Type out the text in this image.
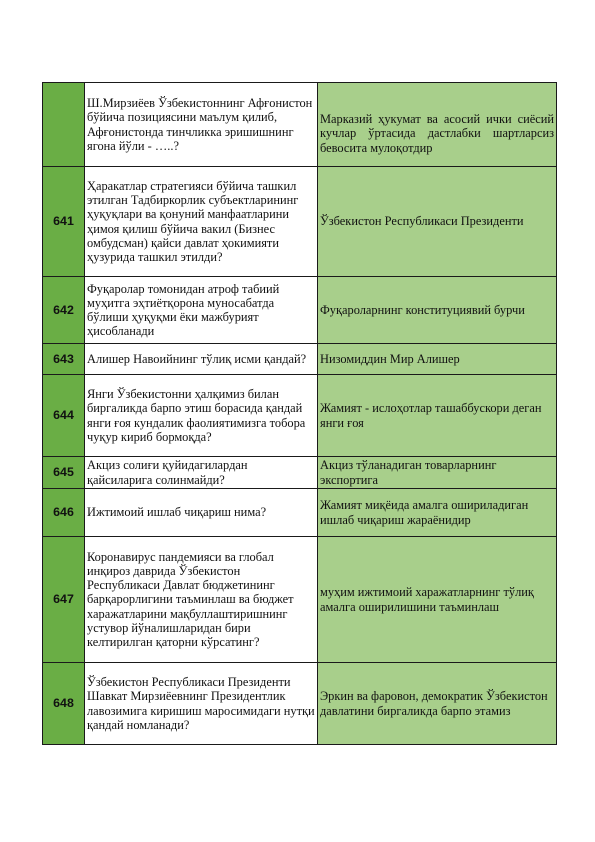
	Ш.Мирзиёев Ўзбекистоннинг Афғонистон бўйича позициясини маълум қилиб, Афғонистонда тинчликка эришишнинг ягона йўли - …..?	Марказий ҳукумат ва асосий ички сиёсий кучлар ўртасида дастлабки шартларсиз бевосита мулоқотдир
641	Ҳаракатлар стратегияси бўйича ташкил этилган Тадбиркорлик субъектларининг ҳуқуқлари ва қонуний манфаатларини ҳимоя қилиш бўйича вакил (Бизнес омбудсман) қайси давлат ҳокимияти ҳузурида ташкил этилди?	Ўзбекистон Республикаси Президенти
642	Фуқаролар томонидан атроф табиий муҳитга эҳтиётқорона муносабатда бўлиши ҳуқуқми ёки мажбурият ҳисобланади	Фуқароларнинг конституциявий бурчи
643	Алишер Навоийнинг тўлиқ исми қандай?	Низомиддин Мир Алишер
644	Янги Ўзбекистонни ҳалқимиз билан биргаликда барпо этиш борасида қандай янги ғоя кундалик фаолиятимизга тобора чуқур кириб бормоқда?	Жамият - ислоҳотлар ташаббускори деган янги ғоя
645	Акциз солиғи қуйидагилардан қайсиларига солинмайди?	Акциз тўланадиган товарларнинг экспортига
646	Ижтимоий ишлаб чиқариш нима?	Жамият миқёида амалга ошириладиган ишлаб чиқариш жараёнидир
647	Коронавирус пандемияси ва глобал инқироз даврида Ўзбекистон Республикаси Давлат бюджетининг барқарорлигини таъминлаш ва бюджет харажатларини мақбуллаштиришнинг устувор йўналишларидан бири келтирилган қаторни кўрсатинг?	муҳим ижтимоий харажатларнинг тўлиқ амалга оширилишини таъминлаш
648	Ўзбекистон Республикаси Президенти Шавкат Мирзиёевнинг Президентлик лавозимига киришиш маросимидаги нутқи қандай номланади?	Эркин ва фаровон, демократик Ўзбекистон давлатини биргаликда барпо этамиз
